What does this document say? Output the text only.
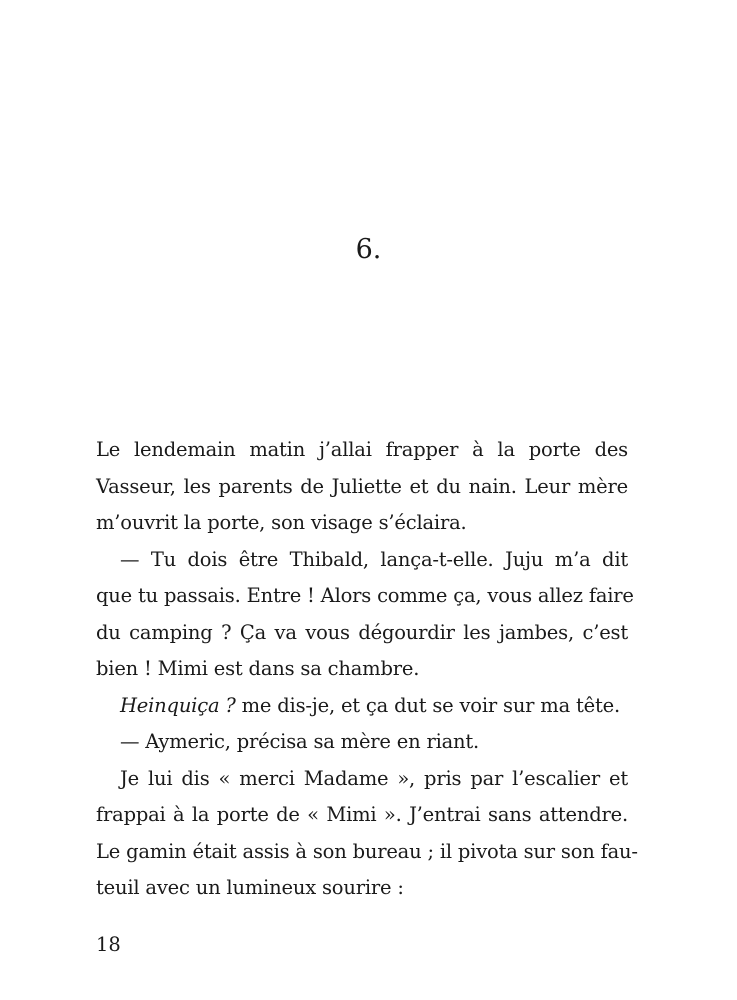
6.
Le lendemain matin j’allai frapper à la porte des
Vasseur, les parents de Juliette et du nain. Leur mère
m’ouvrit la porte, son visage s’éclaira.
— Tu dois être Thibald, lança-t-elle. Juju m’a dit
que tu passais. Entre ! Alors comme ça, vous allez faire
du camping ? Ça va vous dégourdir les jambes, c’est
bien ! Mimi est dans sa chambre.
Heinquiça ? me dis-je, et ça dut se voir sur ma tête.
— Aymeric, précisa sa mère en riant.
Je lui dis « merci Madame », pris par l’escalier et
frappai à la porte de « Mimi ». J’entrai sans attendre.
Le gamin était assis à son bureau ; il pivota sur son fau-
teuil avec un lumineux sourire :
18
